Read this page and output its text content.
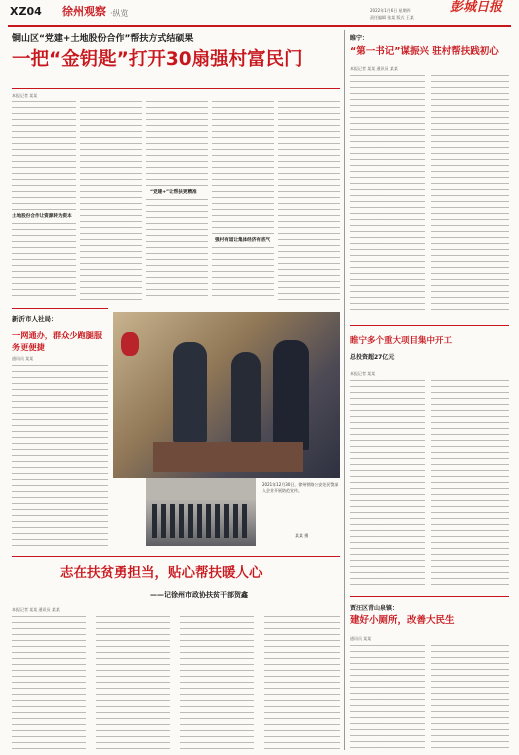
XZ04 徐州观察 ·纵览	2022年1月6日 星期四
责任编辑 张某 版式 王某
彭城日报
铜山区“党建+土地股份合作”帮扶方式结硕果
一把“金钥匙”打开30扇强村富民门
本报记者 某某
土地股份合作让资源转为资本
“党建+”让帮扶更精准
强村有道让集体经济有底气
睢宁：
“第一书记”谋振兴 驻村帮扶践初心
本报记者 某某 通讯员 某某
新沂市人社局：
一网通办，群众少跑腿服务更便捷
通讯员 某某
2021年12月30日，徐州铁路公安处民警深入企业开展防范宣传。
某某 摄
睢宁多个重大项目集中开工
总投资超27亿元
本报记者 某某
志在扶贫勇担当，贴心帮扶暖人心
——记徐州市政协扶贫干部贺鑫
本报记者 某某 通讯员 某某	贾汪区青山泉镇：
建好小厕所，改善大民生
通讯员 某某
